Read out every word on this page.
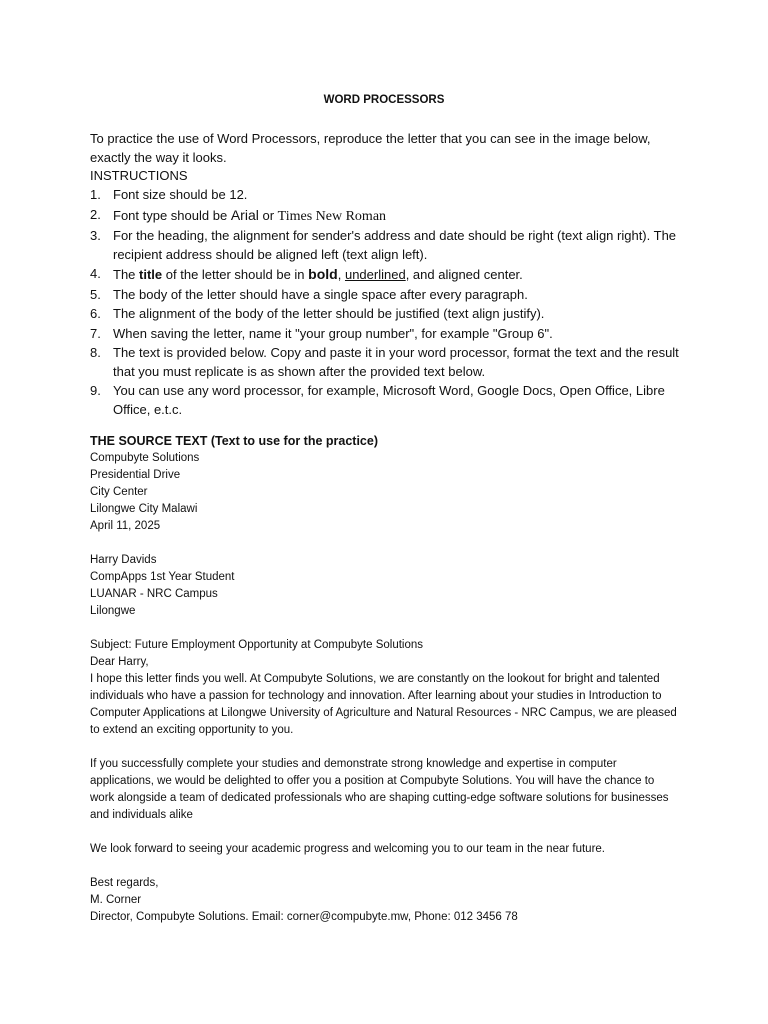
WORD PROCESSORS
To practice the use of Word Processors, reproduce the letter that you can see in the image below, exactly the way it looks.
INSTRUCTIONS
1. Font size should be 12.
2. Font type should be Arial or Times New Roman
3. For the heading, the alignment for sender's address and date should be right (text align right). The recipient address should be aligned left (text align left).
4. The title of the letter should be in bold, underlined, and aligned center.
5. The body of the letter should have a single space after every paragraph.
6. The alignment of the body of the letter should be justified (text align justify).
7. When saving the letter, name it "your group number", for example "Group 6".
8. The text is provided below. Copy and paste it in your word processor, format the text and the result that you must replicate is as shown after the provided text below.
9. You can use any word processor, for example, Microsoft Word, Google Docs, Open Office, Libre Office, e.t.c.
THE SOURCE TEXT (Text to use for the practice)
Compubyte Solutions
Presidential Drive
City Center
Lilongwe City Malawi
April 11, 2025
Harry Davids
CompApps 1st Year Student
LUANAR - NRC Campus
Lilongwe
Subject: Future Employment Opportunity at Compubyte Solutions
Dear Harry,
I hope this letter finds you well. At Compubyte Solutions, we are constantly on the lookout for bright and talented individuals who have a passion for technology and innovation. After learning about your studies in Introduction to Computer Applications at Lilongwe University of Agriculture and Natural Resources - NRC Campus, we are pleased to extend an exciting opportunity to you.
If you successfully complete your studies and demonstrate strong knowledge and expertise in computer applications, we would be delighted to offer you a position at Compubyte Solutions. You will have the chance to work alongside a team of dedicated professionals who are shaping cutting-edge software solutions for businesses and individuals alike
We look forward to seeing your academic progress and welcoming you to our team in the near future.
Best regards,
M. Corner
Director, Compubyte Solutions. Email: corner@compubyte.mw, Phone: 012 3456 78
